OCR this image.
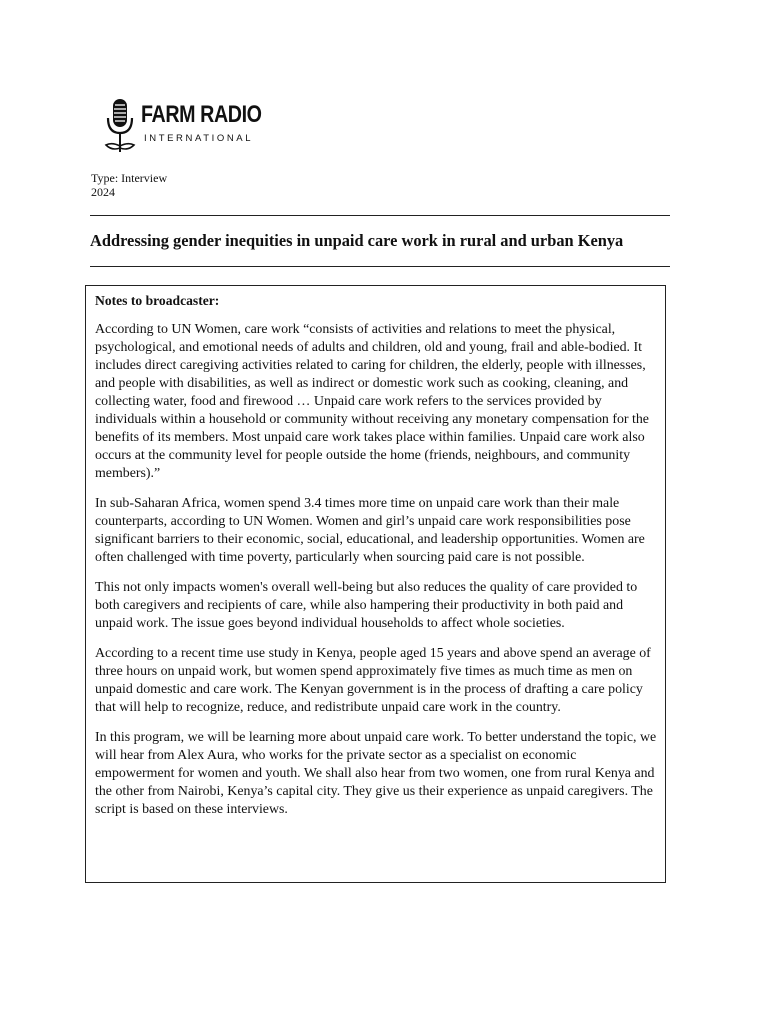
FARM RADIO
INTERNATIONAL
Type: Interview
2024
Addressing gender inequities in unpaid care work in rural and urban Kenya
Notes to broadcaster:

According to UN Women, care work “consists of activities and relations to meet the physical, psychological, and emotional needs of adults and children, old and young, frail and able-bodied. It includes direct caregiving activities related to caring for children, the elderly, people with illnesses, and people with disabilities, as well as indirect or domestic work such as cooking, cleaning, and collecting water, food and firewood … Unpaid care work refers to the services provided by individuals within a household or community without receiving any monetary compensation for the benefits of its members. Most unpaid care work takes place within families. Unpaid care work also occurs at the community level for people outside the home (friends, neighbours, and community members).”

In sub-Saharan Africa, women spend 3.4 times more time on unpaid care work than their male counterparts, according to UN Women. Women and girl’s unpaid care work responsibilities pose significant barriers to their economic, social, educational, and leadership opportunities. Women are often challenged with time poverty, particularly when sourcing paid care is not possible.

This not only impacts women's overall well-being but also reduces the quality of care provided to both caregivers and recipients of care, while also hampering their productivity in both paid and unpaid work. The issue goes beyond individual households to affect whole societies.

According to a recent time use study in Kenya, people aged 15 years and above spend an average of three hours on unpaid work, but women spend approximately five times as much time as men on unpaid domestic and care work. The Kenyan government is in the process of drafting a care policy that will help to recognize, reduce, and redistribute unpaid care work in the country.

In this program, we will be learning more about unpaid care work. To better understand the topic, we will hear from Alex Aura, who works for the private sector as a specialist on economic empowerment for women and youth. We shall also hear from two women, one from rural Kenya and the other from Nairobi, Kenya’s capital city. They give us their experience as unpaid caregivers. The script is based on these interviews.
